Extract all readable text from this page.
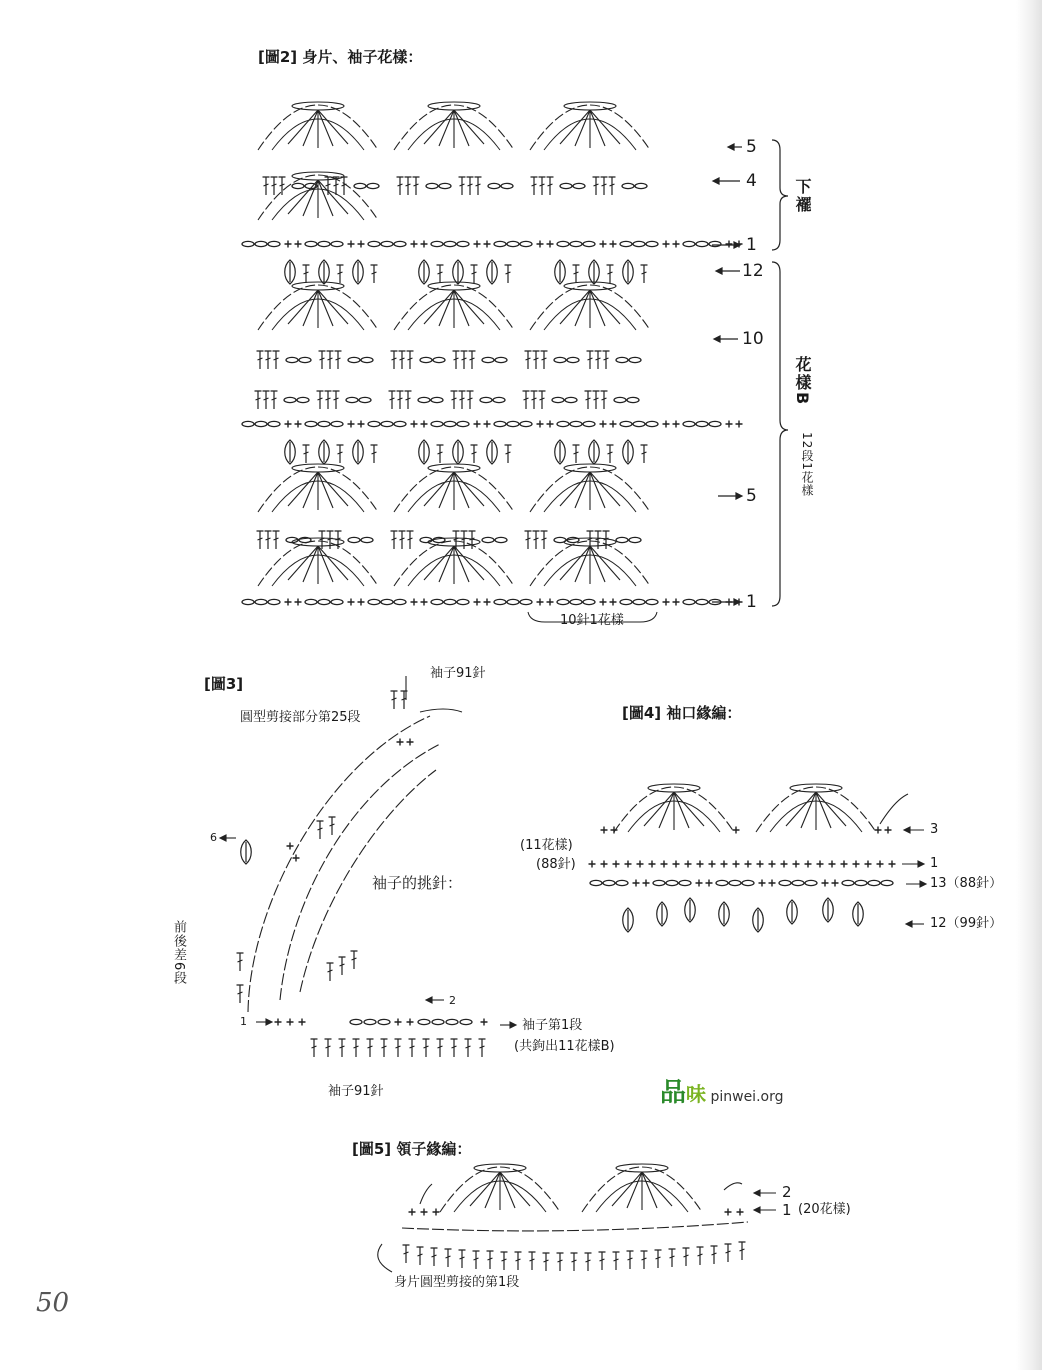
[圖2] 身片、袖子花樣：
5
4
1
12
10
5
1
下襬
花樣B
12段1花樣
10針1花樣
[圖3]
袖子91針
圓型剪接部分第25段
袖子的挑針：
6
2
1
前後差6段
袖子第1段
(共鉤出11花樣B)
袖子91針
[圖4] 袖口緣編：
(11花樣)
(88針)
3
1
13（88針）
12（99針）
品味 pinwei.org
[圖5] 領子緣編：
2
1 (20花樣)
身片圓型剪接的第1段
50
